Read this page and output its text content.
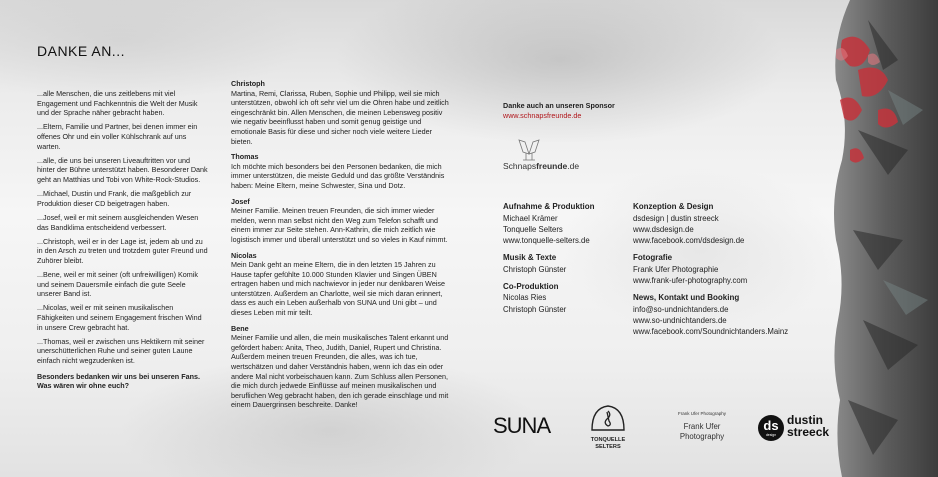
DANKE AN...

...alle Menschen, die uns zeitlebens mit viel Engagement und Fachkenntnis die Welt der Musik und der Sprache näher gebracht haben.

...Eltern, Familie und Partner, bei denen immer ein offenes Ohr und ein voller Kühlschrank auf uns warten.

...alle, die uns bei unseren Liveauftritten vor und hinter der Bühne unterstützt haben. Besonderer Dank geht an Matthias und Tobi von White-Rock-Studios.

...Michael, Dustin und Frank, die maßgeblich zur Produktion dieser CD beigetragen haben.

...Josef, weil er mit seinem ausgleichenden Wesen das Bandklima entscheidend verbessert.

...Christoph, weil er in der Lage ist, jedem ab und zu in den Arsch zu treten und trotzdem guter Freund und Zuhörer bleibt.

...Bene, weil er mit seiner (oft unfreiwilligen) Komik und seinem Dauersmile einfach die gute Seele unserer Band ist.

...Nicolas, weil er mit seinen musikalischen Fähigkeiten und seinem Engagement frischen Wind in unsere Crew gebracht hat.

...Thomas, weil er zwischen uns Hektikern mit seiner unerschütterlichen Ruhe und seiner guten Laune einfach nicht wegzudenken ist.

Besonders bedanken wir uns bei unseren Fans. Was wären wir ohne euch?

Christoph
Martina, Remi, Clarissa, Ruben, Sophie und Philipp, weil sie mich unterstützen, obwohl ich oft sehr viel um die Ohren habe und zeitlich eingeschränkt bin. Allen Menschen, die meinen Lebensweg positiv wie negativ beeinflusst haben und somit genug geistige und emotionale Basis für diese und sicher noch viele weitere Lieder bieten.
Thomas
Ich möchte mich besonders bei den Personen bedanken, die mich immer unterstützen, die meiste Geduld und das größte Verständnis haben: Meine Eltern, meine Schwester, Sina und Dotz.
Josef
Meiner Familie. Meinen treuen Freunden, die sich immer wieder melden, wenn man selbst nicht den Weg zum Telefon schafft und einem immer zur Seite stehen. Ann-Kathrin, die mich zeitlich wie logistisch immer und überall unterstützt und so vieles in Kauf nimmt.
Nicolas
Mein Dank geht an meine Eltern, die in den letzten 15 Jahren zu Hause tapfer gefühlte 10.000 Stunden Klavier und Singen ÜBEN ertragen haben und mich nachwievor in jeder nur denkbaren Weise unterstützen. Außerdem an Charlotte, weil sie mich daran erinnert, dass es auch ein Leben außerhalb von SUNA und Uni gibt – und dieses Leben mit mir teilt.
Bene
Meiner Familie und allen, die mein musikalisches Talent erkannt und gefördert haben: Anita, Theo, Judith, Daniel, Rupert und Christina. Außerdem meinen treuen Freunden, die alles, was ich tue, wertschätzen und daher Verständnis haben, wenn ich das ein oder andere Mal nicht vorbeischauen kann. Zum Schluss allen Personen, die mich durch jedwede Einflüsse auf meinen musikalischen und beruflichen Weg gebracht haben, den ich gerade einschlage und mit einem Dauergrinsen beschreite. Danke!
Danke auch an unseren Sponsor
www.schnapsfreunde.de
Schnapsfreunde.de
Aufnahme & Produktion
Michael Krämer
Tonquelle Selters
www.tonquelle-selters.de
Musik & Texte
Christoph Günster
Co-Produktion
Nicolas Ries
Christoph Günster
Konzeption & Design
dsdesign | dustin streeck
www.dsdesign.de
www.facebook.com/dsdesign.de
Fotografie
Frank Ufer Photographie
www.frank-ufer-photography.com
News, Kontakt und Booking
info@so-undnichtanders.de
www.so-undnichtanders.de
www.facebook.com/Soundnichtanders.Mainz
SUNA
TONQUELLE
SELTERS
Frank Ufer Photography
Frank Ufer
Photography
ds
design
dustin
streeck
